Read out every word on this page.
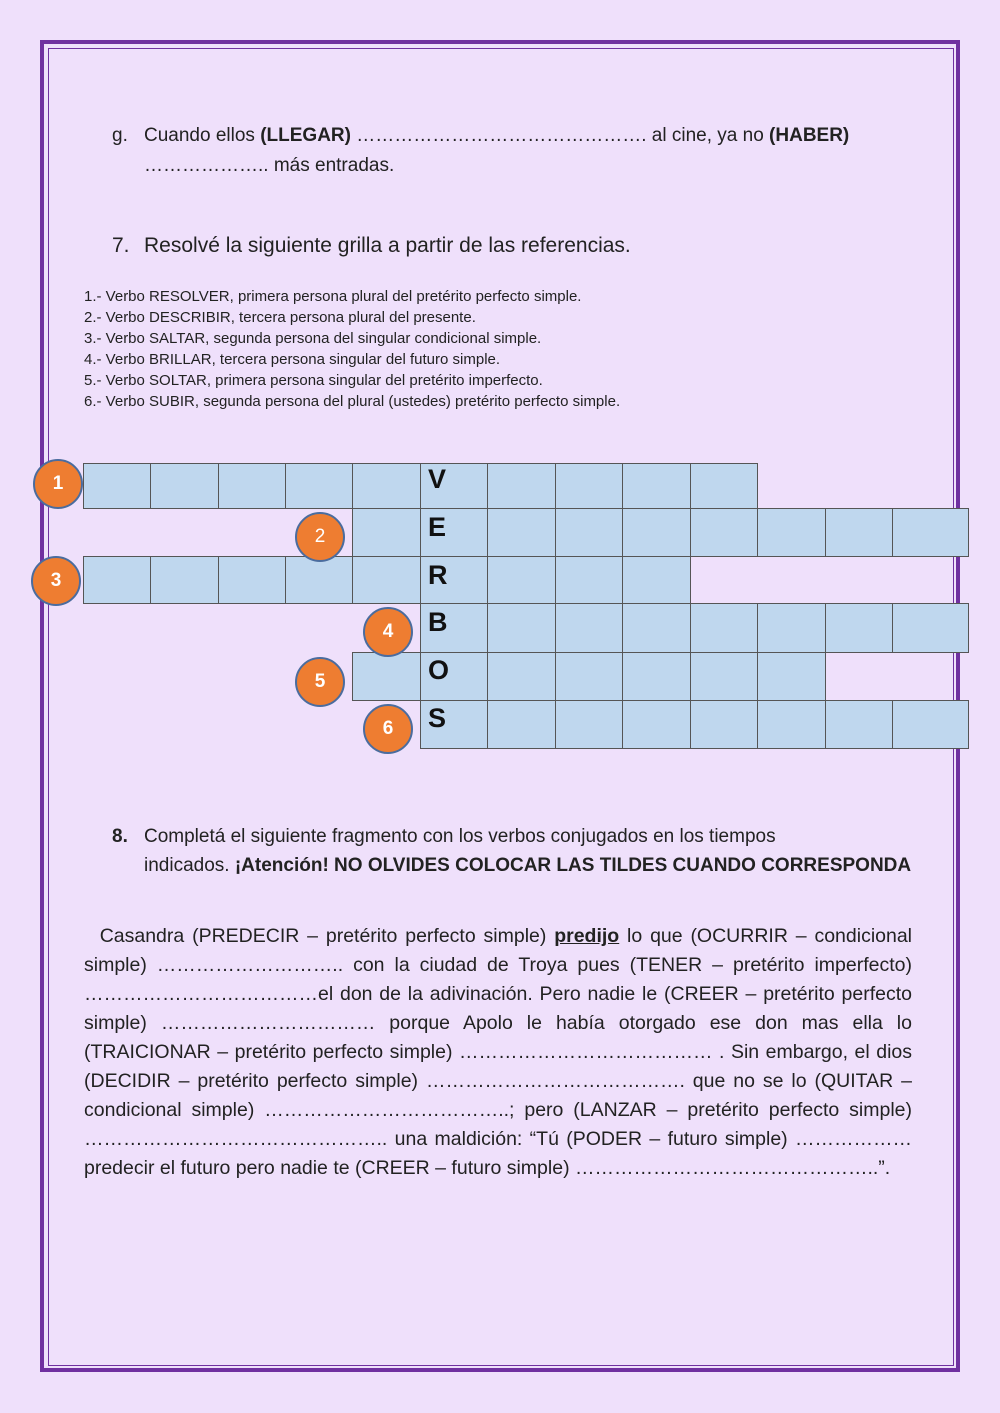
g. Cuando ellos (LLEGAR) ………………………………………. al cine, ya no (HABER)
……………….. más entradas.
7. Resolvé la siguiente grilla a partir de las referencias.
1.- Verbo RESOLVER, primera persona plural del pretérito perfecto simple.
2.- Verbo DESCRIBIR, tercera persona plural del presente.
3.- Verbo SALTAR, segunda persona del singular condicional simple.
4.- Verbo BRILLAR, tercera persona singular del futuro simple.
5.- Verbo SOLTAR, primera persona singular del pretérito imperfecto.
6.- Verbo SUBIR, segunda persona del plural (ustedes) pretérito perfecto simple.
V
E
R
B
O
S
1
2
3
4
5
6
8. Completá el siguiente fragmento con los verbos conjugados en los tiempos
indicados. ¡Atención! NO OLVIDES COLOCAR LAS TILDES CUANDO CORRESPONDA
Casandra (PREDECIR – pretérito perfecto simple) predijo lo que (OCURRIR – condicional simple) ……………………….. con la ciudad de Troya pues (TENER – pretérito imperfecto) ………………………………el don de la adivinación. Pero nadie le (CREER – pretérito perfecto simple) …………………………… porque Apolo le había otorgado ese don mas ella lo (TRAICIONAR – pretérito perfecto simple) ………………………………… . Sin embargo, el dios (DECIDIR – pretérito perfecto simple) …………………………………. que no se lo (QUITAR – condicional simple) ………………………………..; pero (LANZAR – pretérito perfecto simple) ……………………………………….. una maldición: “Tú (PODER – futuro simple) ……………… predecir el futuro pero nadie te (CREER – futuro simple) ………………………………………..”.
